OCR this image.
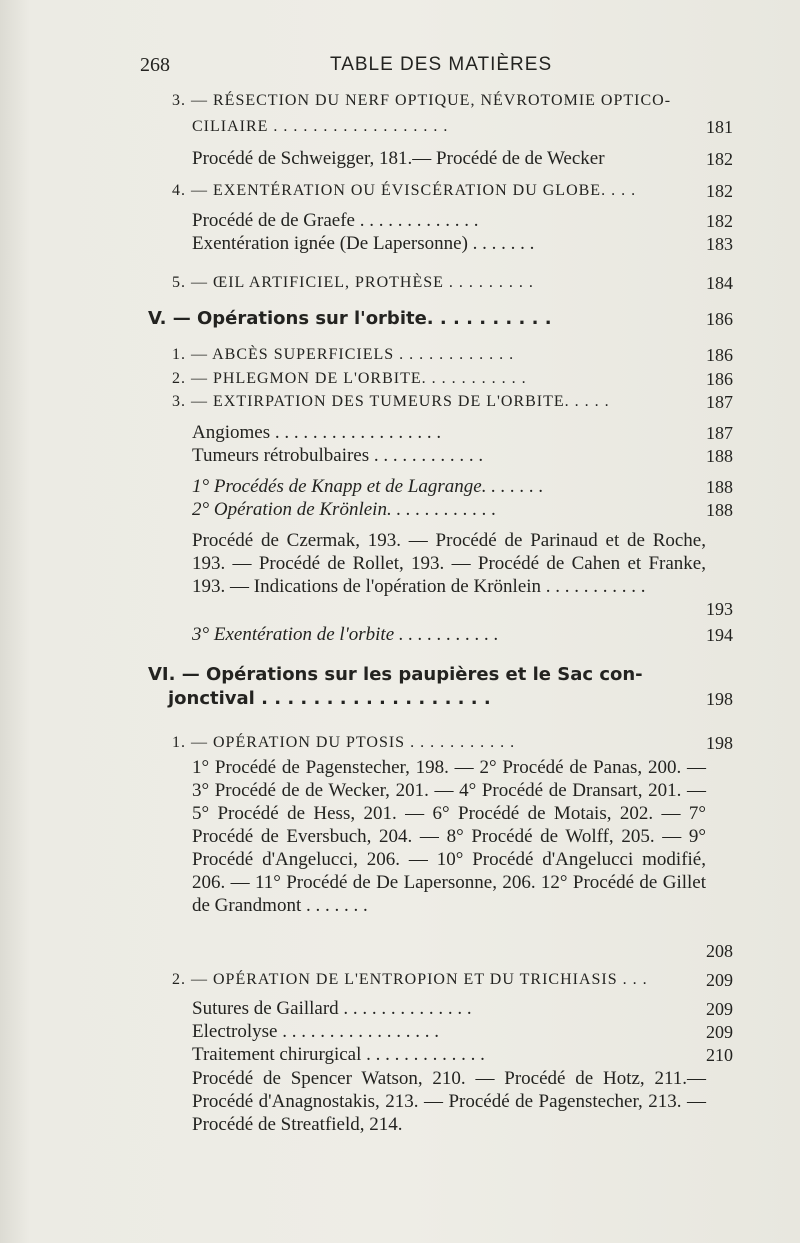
268	TABLE DES MATIÈRES
3. — RÉSECTION DU NERF OPTIQUE, NÉVROTOMIE OPTICO-
CILIAIRE . . . . . . . . . . . . . . . . . .	181
Procédé de Schweigger, 181.— Procédé de de Wecker	182
4. — EXENTÉRATION OU ÉVISCÉRATION DU GLOBE. . . .	182
Procédé de de Graefe . . . . . . . . . . . . .	182
Exentération ignée (De Lapersonne) . . . . . . .	183
5. — ŒIL ARTIFICIEL, PROTHÈSE . . . . . . . . .	184
V. — Opérations sur l'orbite. . . . . . . . . .	186
1. — ABCÈS SUPERFICIELS . . . . . . . . . . . .	186
2. — PHLEGMON DE L'ORBITE. . . . . . . . . . .	186
3. — EXTIRPATION DES TUMEURS DE L'ORBITE. . . . .	187
Angiomes . . . . . . . . . . . . . . . . . .	187
Tumeurs rétrobulbaires . . . . . . . . . . . .	188
1° Procédés de Knapp et de Lagrange. . . . . . .	188
2° Opération de Krönlein. . . . . . . . . . . .	188
Procédé de Czermak, 193. — Procédé de Parinaud et de Roche, 193. — Procédé de Rollet, 193. — Procédé de Cahen et Franke, 193. — Indications de l'opération de Krönlein . . . . . . . . . . .
193
3° Exentération de l'orbite . . . . . . . . . . .	194
VI. — Opérations sur les paupières et le Sac con-
jonctival . . . . . . . . . . . . . . . . . .	198
1. — OPÉRATION DU PTOSIS . . . . . . . . . . .	198
1° Procédé de Pagenstecher, 198. — 2° Procédé de Panas, 200. — 3° Procédé de de Wecker, 201. — 4° Procédé de Dransart, 201. — 5° Procédé de Hess, 201. — 6° Procédé de Motais, 202. — 7° Procédé de Eversbuch, 204. — 8° Procédé de Wolff, 205. — 9° Procédé d'Angelucci, 206. — 10° Procédé d'Angelucci modifié, 206. — 11° Procédé de De Lapersonne, 206. 12° Procédé de Gillet de Grandmont . . . . . . .
208
2. — OPÉRATION DE L'ENTROPION ET DU TRICHIASIS . . .	209
Sutures de Gaillard . . . . . . . . . . . . . .	209
Electrolyse . . . . . . . . . . . . . . . . .	209
Traitement chirurgical . . . . . . . . . . . . .	210
Procédé de Spencer Watson, 210. — Procédé de Hotz, 211.— Procédé d'Anagnostakis, 213. — Procédé de Pagenstecher, 213. — Procédé de Streatfield, 214.
